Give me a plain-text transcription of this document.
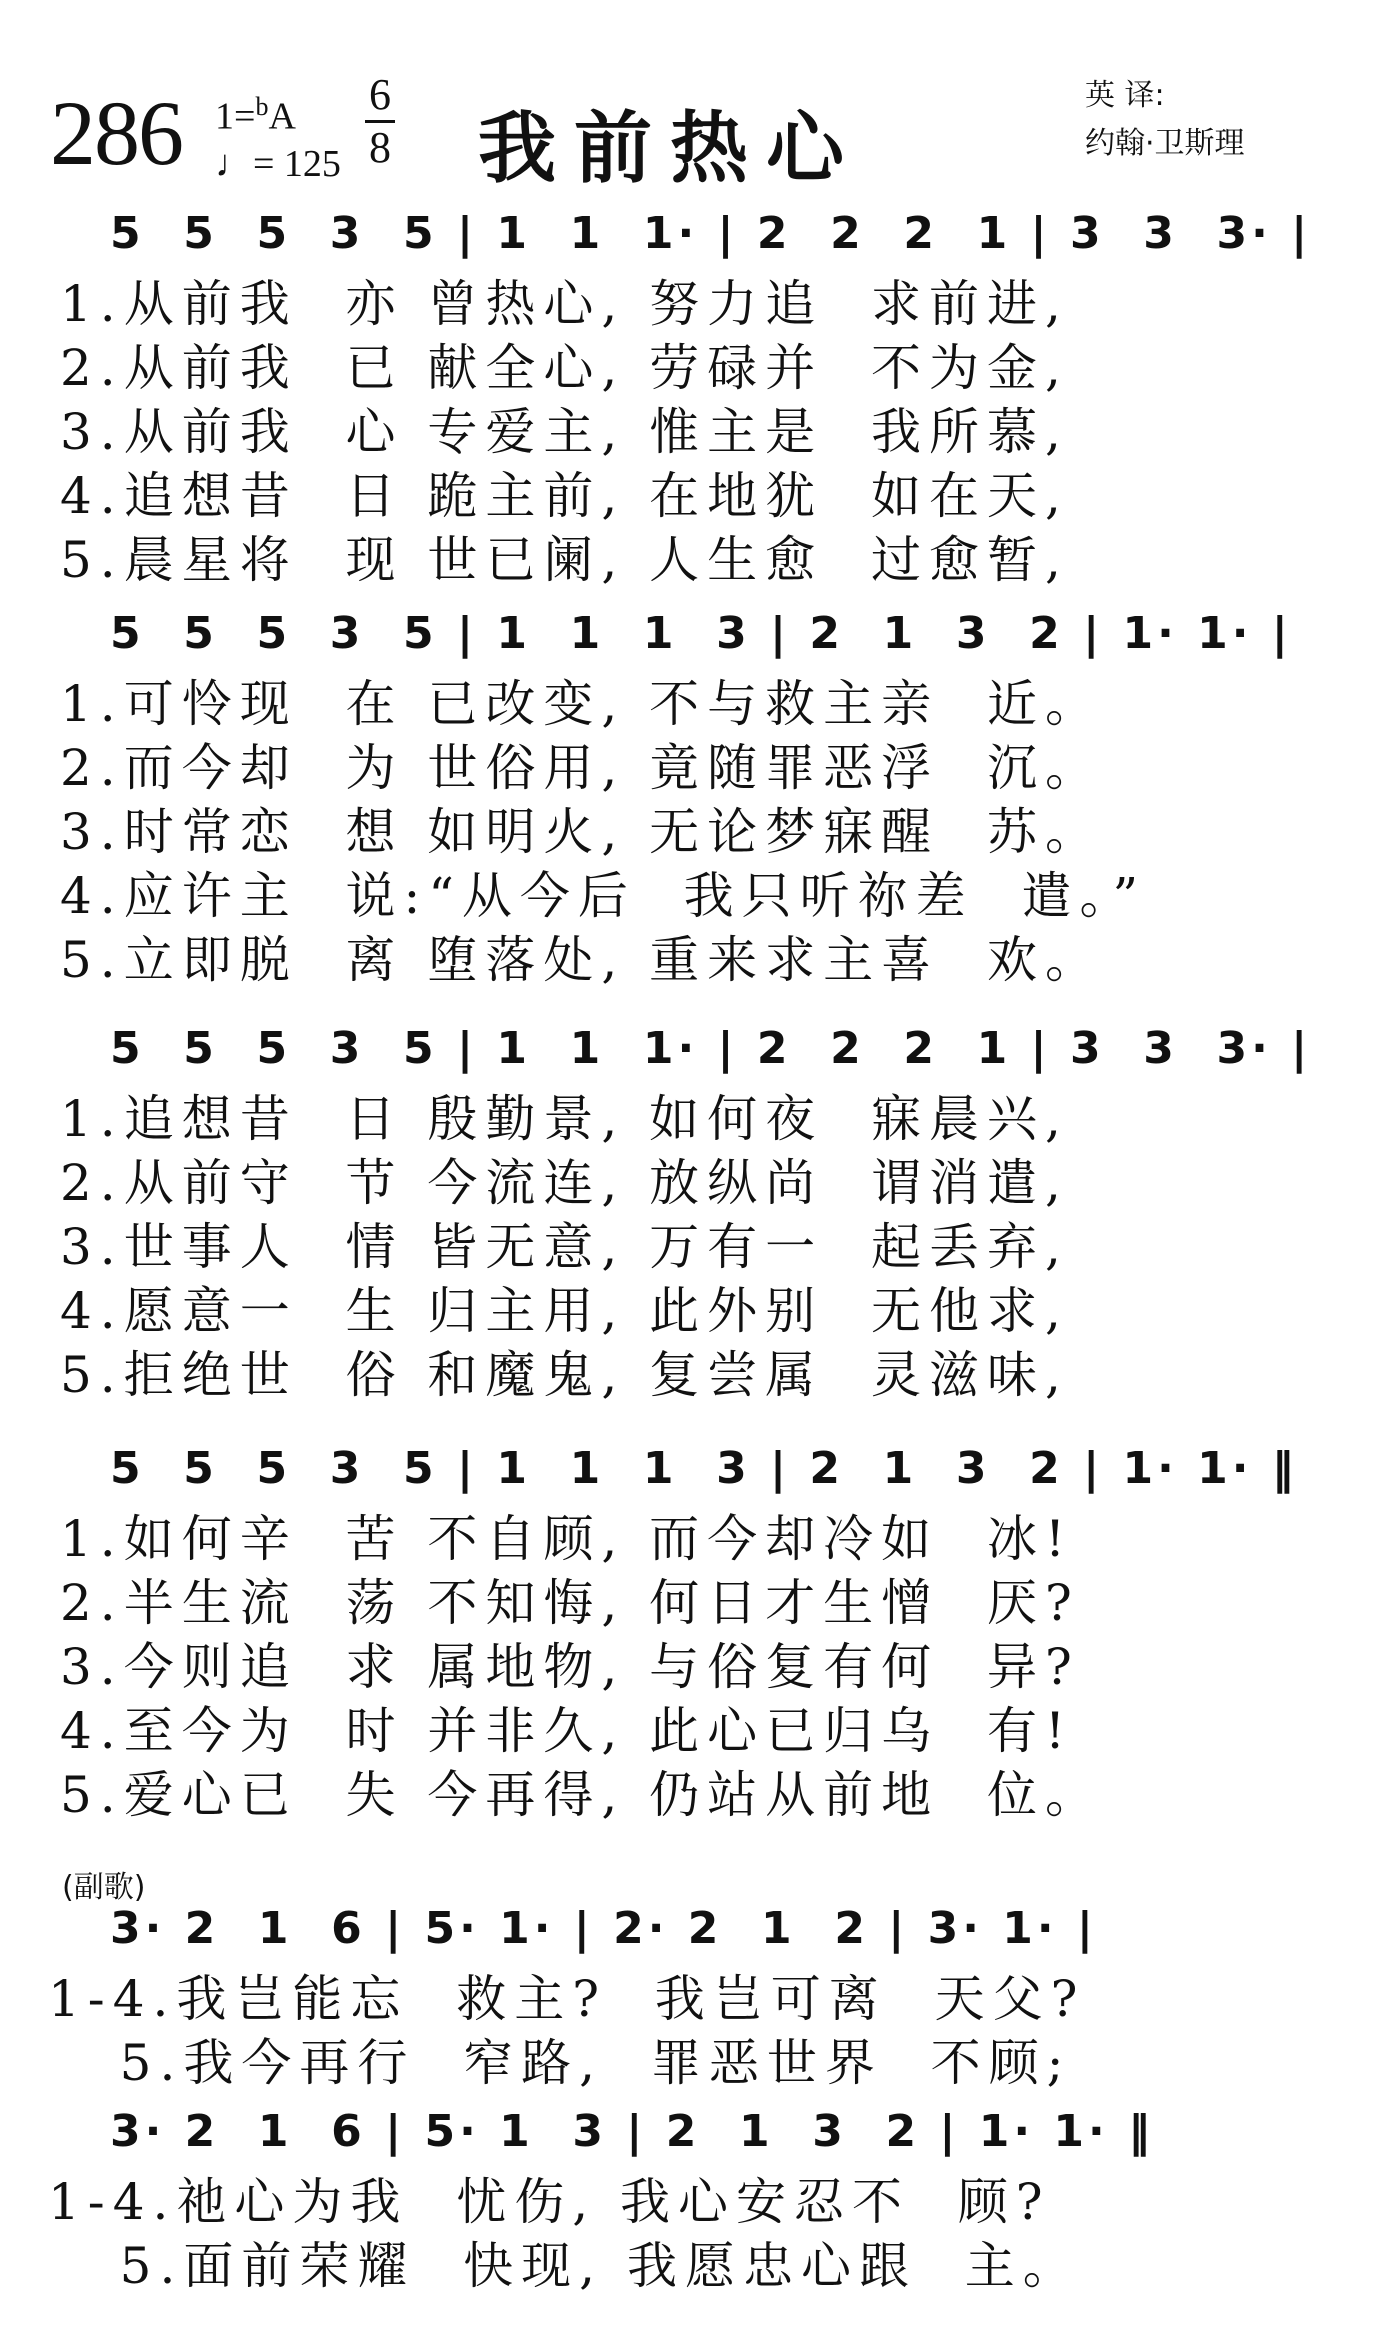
286 1=$^b$A
♩= 125
6
8 我前热心
英 译:
约翰·卫斯理
5  5  5  3  5 | 1  1  1· | 2  2  2  1 | 3  3  3· |
1.从前我  亦 曾热心, 努力追  求前进,
2.从前我  已 献全心, 劳碌并  不为金,
3.从前我  心 专爱主, 惟主是  我所慕,
4.追想昔  日 跪主前, 在地犹  如在天,
5.晨星将  现 世已阑, 人生愈  过愈暂,
5  5  5  3  5 | 1  1  1  3 | 2  1  3  2 | 1· 1· |
1.可怜现  在 已改变, 不与救主亲  近。
2.而今却  为 世俗用, 竟随罪恶浮  沉。
3.时常恋  想 如明火, 无论梦寐醒  苏。
4.应许主  说:“从今后  我只听祢差  遣。”
5.立即脱  离 堕落处, 重来求主喜  欢。
5  5  5  3  5 | 1  1  1· | 2  2  2  1 | 3  3  3· |
1.追想昔  日 殷勤景, 如何夜  寐晨兴,
2.从前守  节 今流连, 放纵尚  谓消遣,
3.世事人  情 皆无意, 万有一  起丢弃,
4.愿意一  生 归主用, 此外别  无他求,
5.拒绝世  俗 和魔鬼, 复尝属  灵滋味,
5  5  5  3  5 | 1  1  1  3 | 2  1  3  2 | 1· 1· ‖
1.如何辛  苦 不自顾, 而今却冷如  冰!
2.半生流  荡 不知悔, 何日才生憎  厌?
3.今则追  求 属地物, 与俗复有何  异?
4.至今为  时 并非久, 此心已归乌  有!
5.爱心已  失 今再得, 仍站从前地  位。
(副歌)
3· 2  1  6 | 5· 1· | 2· 2  1  2 | 3· 1· |
1-4.我岂能忘  救主?  我岂可离  天父?
5.我今再行  窄路,  罪恶世界  不顾;
3· 2  1  6 | 5· 1  3 | 2  1  3  2 | 1· 1· ‖
1-4.祂心为我  忧伤, 我心安忍不  顾?
5.面前荣耀  快现, 我愿忠心跟  主。
